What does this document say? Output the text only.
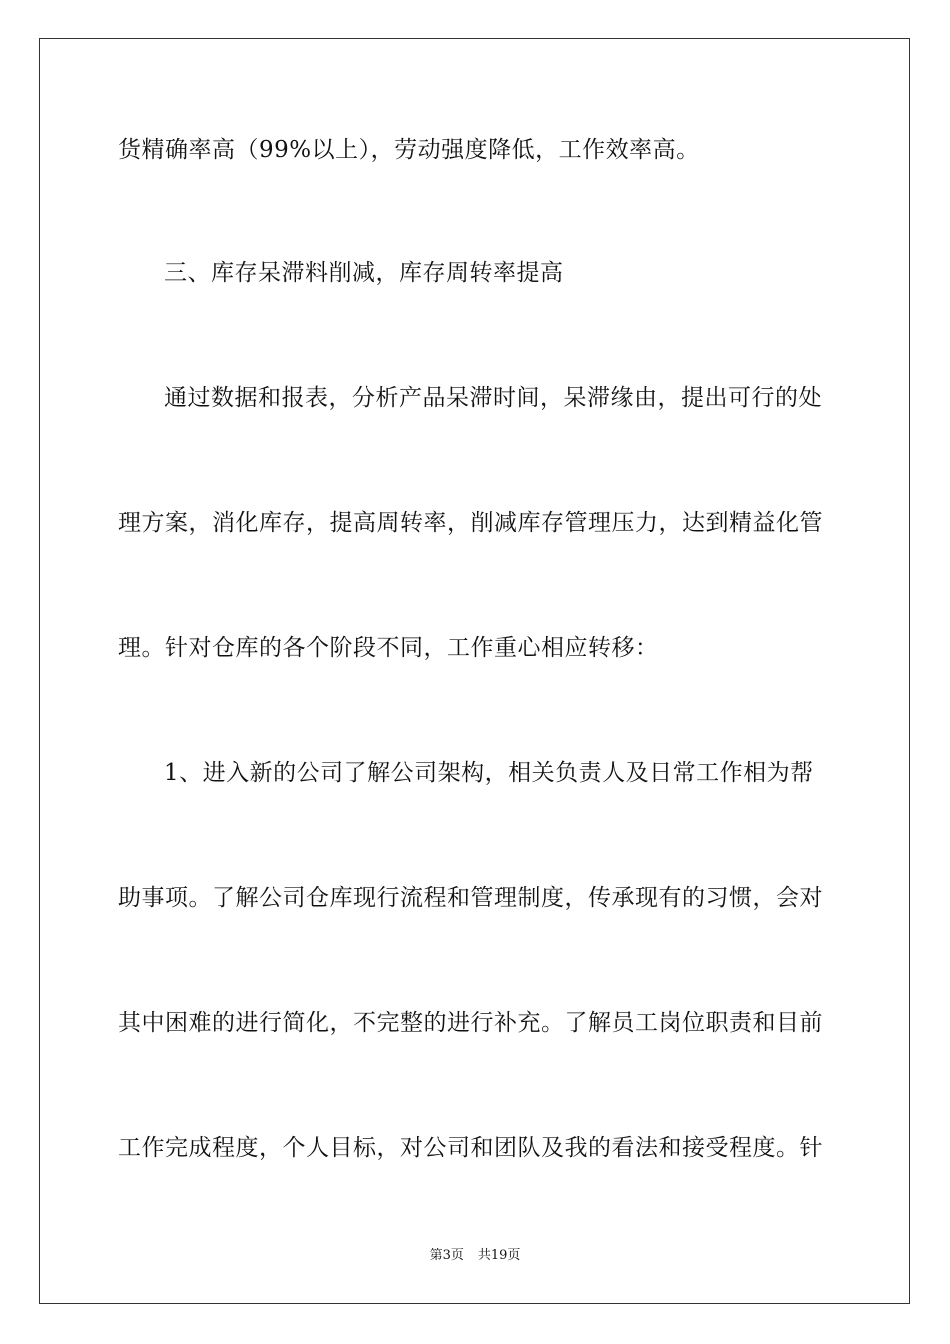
货精确率高（99%以上），劳动强度降低，工作效率高。
三、库存呆滞料削减，库存周转率提高
通过数据和报表，分析产品呆滞时间，呆滞缘由，提出可行的处
理方案，消化库存，提高周转率，削减库存管理压力，达到精益化管
理。针对仓库的各个阶段不同，工作重心相应转移：
1、进入新的公司了解公司架构，相关负责人及日常工作相为帮
助事项。了解公司仓库现行流程和管理制度，传承现有的习惯，会对
其中困难的进行简化，不完整的进行补充。了解员工岗位职责和目前
工作完成程度，个人目标，对公司和团队及我的看法和接受程度。针
第3页 共19页
